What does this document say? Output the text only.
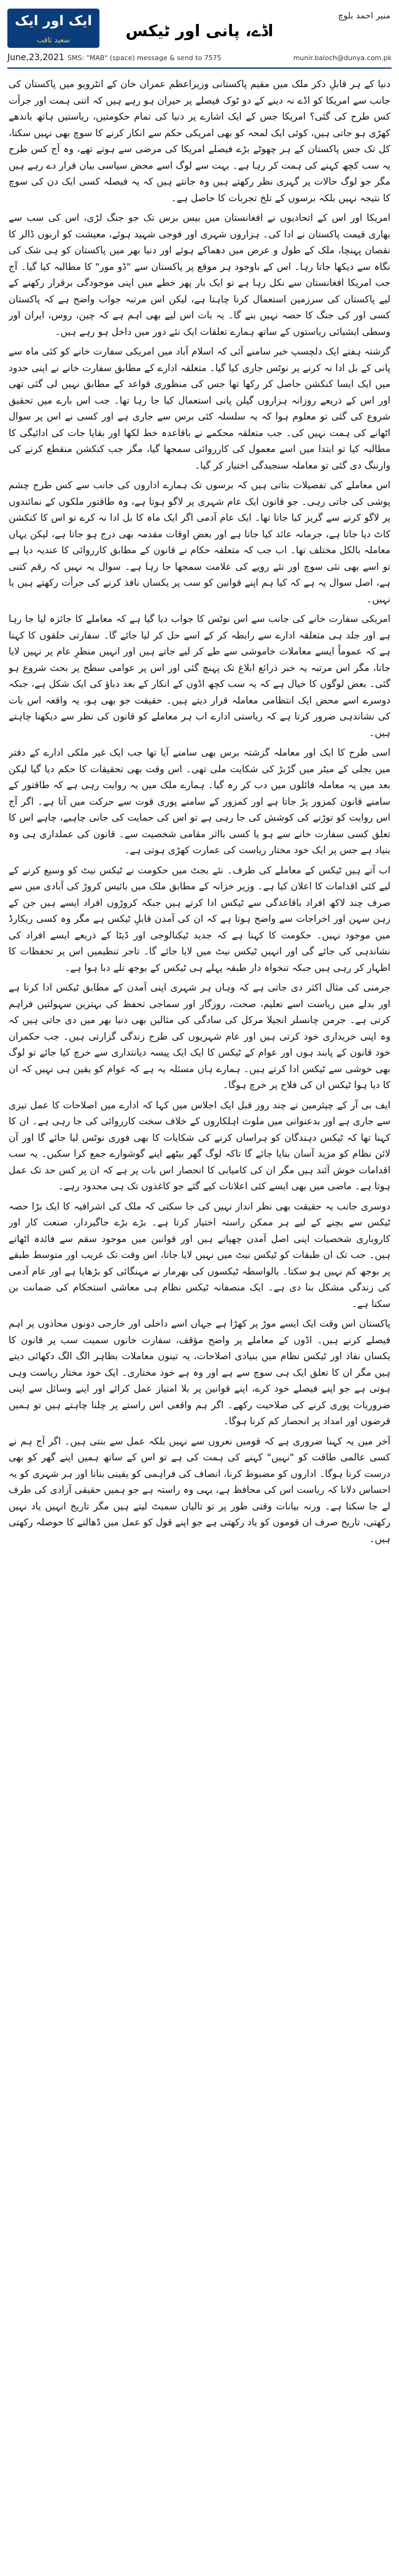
ایک اور ایک
سعید ثاقب
منیر احمد بلوچ
اڈے، پانی اور ٹیکس
June,23,2021 SMS: "MAB" (space) message & send to 7575	munir.baloch@dunya.com.pk

دنیا کے ہر قابلِ ذکر ملک میں مقیم پاکستانی وزیراعظم عمران خان کے انٹرویو میں پاکستان کی جانب سے امریکا کو اڈے نہ دینے کے دو ٹوک فیصلے پر حیران ہو رہے ہیں کہ اتنی ہمت اور جرأت کس طرح کی گئی؟ امریکا جس کے ایک اشارے پر دنیا کی تمام حکومتیں، ریاستیں ہاتھ باندھے کھڑی ہو جاتی ہیں، کوئی ایک لمحہ کو بھی امریکی حکم سے انکار کرنے کا سوچ بھی نہیں سکتا، کل تک جس پاکستان کے ہر چھوٹے بڑے فیصلے امریکا کی مرضی سے ہوتے تھے، وہ آج کس طرح یہ سب کچھ کہنے کی ہمت کر رہا ہے۔ بہت سے لوگ اسے محض سیاسی بیان قرار دے رہے ہیں مگر جو لوگ حالات پر گہری نظر رکھتے ہیں وہ جانتے ہیں کہ یہ فیصلہ کسی ایک دن کی سوچ کا نتیجہ نہیں بلکہ برسوں کے تلخ تجربات کا حاصل ہے۔

امریکا اور اس کے اتحادیوں نے افغانستان میں بیس برس تک جو جنگ لڑی، اس کی سب سے بھاری قیمت پاکستان نے ادا کی۔ ہزاروں شہری اور فوجی شہید ہوئے، معیشت کو اربوں ڈالر کا نقصان پہنچا، ملک کے طول و عرض میں دھماکے ہوئے اور دنیا بھر میں پاکستان کو ہی شک کی نگاہ سے دیکھا جاتا رہا۔ اس کے باوجود ہر موقع پر پاکستان سے "ڈو مور" کا مطالبہ کیا گیا۔ آج جب امریکا افغانستان سے نکل رہا ہے تو ایک بار پھر خطے میں اپنی موجودگی برقرار رکھنے کے لیے پاکستان کی سرزمین استعمال کرنا چاہتا ہے، لیکن اس مرتبہ جواب واضح ہے کہ پاکستان کسی اور کی جنگ کا حصہ نہیں بنے گا۔ یہ بات اس لیے بھی اہم ہے کہ چین، روس، ایران اور وسطی ایشیائی ریاستوں کے ساتھ ہمارے تعلقات ایک نئے دور میں داخل ہو رہے ہیں۔

گزشتہ ہفتے ایک دلچسپ خبر سامنے آئی کہ اسلام آباد میں امریکی سفارت خانے کو کئی ماہ سے پانی کے بل ادا نہ کرنے پر نوٹس جاری کیا گیا۔ متعلقہ ادارے کے مطابق سفارت خانے نے اپنی حدود میں ایک ایسا کنکشن حاصل کر رکھا تھا جس کی منظوری قواعد کے مطابق نہیں لی گئی تھی اور اس کے ذریعے روزانہ ہزاروں گیلن پانی استعمال کیا جا رہا تھا۔ جب اس بارے میں تحقیق شروع کی گئی تو معلوم ہوا کہ یہ سلسلہ کئی برس سے جاری ہے اور کسی نے اس پر سوال اٹھانے کی ہمت نہیں کی۔ جب متعلقہ محکمے نے باقاعدہ خط لکھا اور بقایا جات کی ادائیگی کا مطالبہ کیا تو ابتدا میں اسے معمول کی کارروائی سمجھا گیا، مگر جب کنکشن منقطع کرنے کی وارننگ دی گئی تو معاملہ سنجیدگی اختیار کر گیا۔

اس معاملے کی تفصیلات بتاتی ہیں کہ برسوں تک ہمارے اداروں کی جانب سے کس طرح چشم پوشی کی جاتی رہی۔ جو قانون ایک عام شہری پر لاگو ہوتا ہے، وہ طاقتور ملکوں کے نمائندوں پر لاگو کرنے سے گریز کیا جاتا تھا۔ ایک عام آدمی اگر ایک ماہ کا بل ادا نہ کرے تو اس کا کنکشن کاٹ دیا جاتا ہے، جرمانہ عائد کیا جاتا ہے اور بعض اوقات مقدمہ بھی درج ہو جاتا ہے، لیکن یہاں معاملہ بالکل مختلف تھا۔ اب جب کہ متعلقہ حکام نے قانون کے مطابق کارروائی کا عندیہ دیا ہے تو اسے بھی نئی سوچ اور نئے رویے کی علامت سمجھا جا رہا ہے۔ سوال یہ نہیں کہ رقم کتنی ہے، اصل سوال یہ ہے کہ کیا ہم اپنے قوانین کو سب پر یکساں نافذ کرنے کی جرأت رکھتے ہیں یا نہیں۔

امریکی سفارت خانے کی جانب سے اس نوٹس کا جواب دیا گیا ہے کہ معاملے کا جائزہ لیا جا رہا ہے اور جلد ہی متعلقہ ادارے سے رابطہ کر کے اسے حل کر لیا جائے گا۔ سفارتی حلقوں کا کہنا ہے کہ عموماً ایسے معاملات خاموشی سے طے کر لیے جاتے ہیں اور انہیں منظرِ عام پر نہیں لایا جاتا، مگر اس مرتبہ یہ خبر ذرائع ابلاغ تک پہنچ گئی اور اس پر عوامی سطح پر بحث شروع ہو گئی۔ بعض لوگوں کا خیال ہے کہ یہ سب کچھ اڈوں کے انکار کے بعد دباؤ کی ایک شکل ہے، جبکہ دوسرے اسے محض ایک انتظامی معاملہ قرار دیتے ہیں۔ حقیقت جو بھی ہو، یہ واقعہ اس بات کی نشاندہی ضرور کرتا ہے کہ ریاستی ادارے اب ہر معاملے کو قانون کی نظر سے دیکھنا چاہتے ہیں۔

اسی طرح کا ایک اور معاملہ گزشتہ برس بھی سامنے آیا تھا جب ایک غیر ملکی ادارے کے دفتر میں بجلی کے میٹر میں گڑبڑ کی شکایت ملی تھی۔ اس وقت بھی تحقیقات کا حکم دیا گیا لیکن بعد میں یہ معاملہ فائلوں میں دب کر رہ گیا۔ ہمارے ملک میں یہ روایت رہی ہے کہ طاقتور کے سامنے قانون کمزور پڑ جاتا ہے اور کمزور کے سامنے پوری قوت سے حرکت میں آتا ہے۔ اگر آج اس روایت کو توڑنے کی کوشش کی جا رہی ہے تو اس کی حمایت کی جانی چاہیے، چاہے اس کا تعلق کسی سفارت خانے سے ہو یا کسی بااثر مقامی شخصیت سے۔ قانون کی عملداری ہی وہ بنیاد ہے جس پر ایک خود مختار ریاست کی عمارت کھڑی ہوتی ہے۔

اب آتے ہیں ٹیکس کے معاملے کی طرف۔ نئے بجٹ میں حکومت نے ٹیکس نیٹ کو وسیع کرنے کے لیے کئی اقدامات کا اعلان کیا ہے۔ وزیر خزانہ کے مطابق ملک میں بائیس کروڑ کی آبادی میں سے صرف چند لاکھ افراد باقاعدگی سے ٹیکس ادا کرتے ہیں جبکہ کروڑوں افراد ایسے ہیں جن کے رہن سہن اور اخراجات سے واضح ہوتا ہے کہ ان کی آمدن قابلِ ٹیکس ہے مگر وہ کسی ریکارڈ میں موجود نہیں۔ حکومت کا کہنا ہے کہ جدید ٹیکنالوجی اور ڈیٹا کے ذریعے ایسے افراد کی نشاندہی کی جائے گی اور انہیں ٹیکس نیٹ میں لایا جائے گا۔ تاجر تنظیمیں اس پر تحفظات کا اظہار کر رہی ہیں جبکہ تنخواہ دار طبقہ پہلے ہی ٹیکس کے بوجھ تلے دبا ہوا ہے۔

جرمنی کی مثال اکثر دی جاتی ہے کہ وہاں ہر شہری اپنی آمدن کے مطابق ٹیکس ادا کرتا ہے اور بدلے میں ریاست اسے تعلیم، صحت، روزگار اور سماجی تحفظ کی بہترین سہولتیں فراہم کرتی ہے۔ جرمن چانسلر انجیلا مرکل کی سادگی کی مثالیں بھی دنیا بھر میں دی جاتی ہیں کہ وہ اپنی خریداری خود کرتی ہیں اور عام شہریوں کی طرح زندگی گزارتی ہیں۔ جب حکمران خود قانون کے پابند ہوں اور عوام کے ٹیکس کا ایک ایک پیسہ دیانتداری سے خرچ کیا جائے تو لوگ بھی خوشی سے ٹیکس ادا کرتے ہیں۔ ہمارے ہاں مسئلہ یہ ہے کہ عوام کو یقین ہی نہیں کہ ان کا دیا ہوا ٹیکس ان کی فلاح پر خرچ ہوگا۔

ایف بی آر کے چیئرمین نے چند روز قبل ایک اجلاس میں کہا کہ ادارے میں اصلاحات کا عمل تیزی سے جاری ہے اور بدعنوانی میں ملوث اہلکاروں کے خلاف سخت کارروائی کی جا رہی ہے۔ ان کا کہنا تھا کہ ٹیکس دہندگان کو ہراساں کرنے کی شکایات کا بھی فوری نوٹس لیا جائے گا اور آن لائن نظام کو مزید آسان بنایا جائے گا تاکہ لوگ گھر بیٹھے اپنے گوشوارے جمع کرا سکیں۔ یہ سب اقدامات خوش آئند ہیں مگر ان کی کامیابی کا انحصار اس بات پر ہے کہ ان پر کس حد تک عمل ہوتا ہے۔ ماضی میں بھی ایسے کئی اعلانات کیے گئے جو کاغذوں تک ہی محدود رہے۔

دوسری جانب یہ حقیقت بھی نظر انداز نہیں کی جا سکتی کہ ملک کی اشرافیہ کا ایک بڑا حصہ ٹیکس سے بچنے کے لیے ہر ممکن راستہ اختیار کرتا ہے۔ بڑے بڑے جاگیردار، صنعت کار اور کاروباری شخصیات اپنی اصل آمدن چھپاتے ہیں اور قوانین میں موجود سقم سے فائدہ اٹھاتے ہیں۔ جب تک ان طبقات کو ٹیکس نیٹ میں نہیں لایا جاتا، اس وقت تک غریب اور متوسط طبقے پر بوجھ کم نہیں ہو سکتا۔ بالواسطہ ٹیکسوں کی بھرمار نے مہنگائی کو بڑھایا ہے اور عام آدمی کی زندگی مشکل بنا دی ہے۔ ایک منصفانہ ٹیکس نظام ہی معاشی استحکام کی ضمانت بن سکتا ہے۔

پاکستان اس وقت ایک ایسے موڑ پر کھڑا ہے جہاں اسے داخلی اور خارجی دونوں محاذوں پر اہم فیصلے کرنے ہیں۔ اڈوں کے معاملے پر واضح مؤقف، سفارت خانوں سمیت سب پر قانون کا یکساں نفاذ اور ٹیکس نظام میں بنیادی اصلاحات، یہ تینوں معاملات بظاہر الگ الگ دکھائی دیتے ہیں مگر ان کا تعلق ایک ہی سوچ سے ہے اور وہ ہے خود مختاری۔ ایک خود مختار ریاست وہی ہوتی ہے جو اپنے فیصلے خود کرے، اپنے قوانین پر بلا امتیاز عمل کرائے اور اپنے وسائل سے اپنی ضروریات پوری کرنے کی صلاحیت رکھے۔ اگر ہم واقعی اس راستے پر چلنا چاہتے ہیں تو ہمیں قرضوں اور امداد پر انحصار کم کرنا ہوگا۔

آخر میں یہ کہنا ضروری ہے کہ قومیں نعروں سے نہیں بلکہ عمل سے بنتی ہیں۔ اگر آج ہم نے کسی عالمی طاقت کو "نہیں" کہنے کی ہمت کی ہے تو اس کے ساتھ ہمیں اپنے گھر کو بھی درست کرنا ہوگا۔ اداروں کو مضبوط کرنا، انصاف کی فراہمی کو یقینی بنانا اور ہر شہری کو یہ احساس دلانا کہ ریاست اس کی محافظ ہے، یہی وہ راستہ ہے جو ہمیں حقیقی آزادی کی طرف لے جا سکتا ہے۔ ورنہ بیانات وقتی طور پر تو تالیاں سمیٹ لیتے ہیں مگر تاریخ انہیں یاد نہیں رکھتی، تاریخ صرف ان قوموں کو یاد رکھتی ہے جو اپنے قول کو عمل میں ڈھالنے کا حوصلہ رکھتی ہیں۔
